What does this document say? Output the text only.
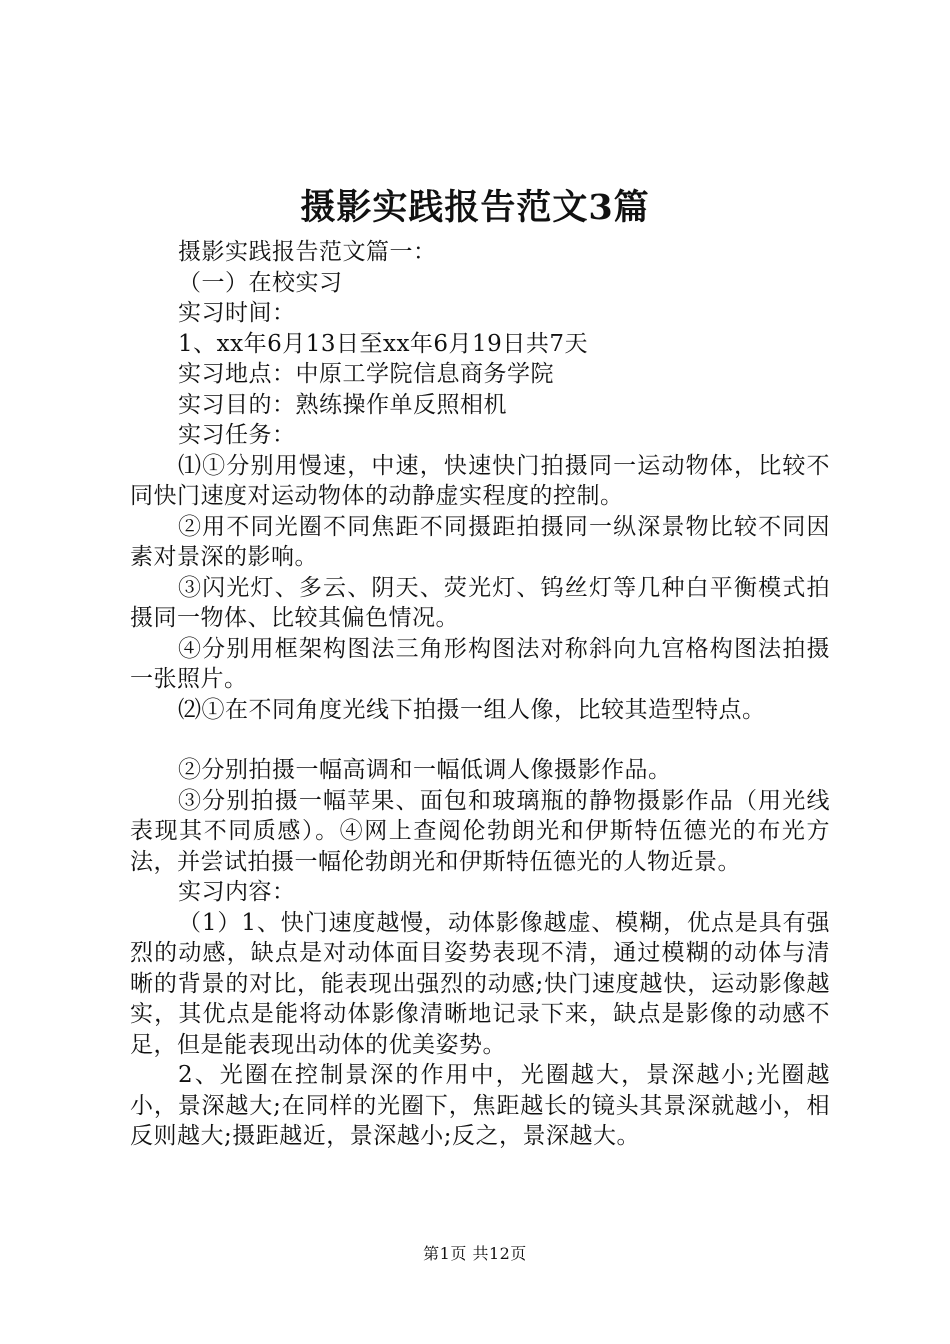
摄影实践报告范文3篇

摄影实践报告范文篇一：

（一）在校实习

实习时间：

1、xx年6月13日至xx年6月19日共7天

实习地点：中原工学院信息商务学院

实习目的：熟练操作单反照相机

实习任务：

⑴①分别用慢速，中速，快速快门拍摄同一运动物体，比较不同快门速度对运动物体的动静虚实程度的控制。

②用不同光圈不同焦距不同摄距拍摄同一纵深景物比较不同因素对景深的影响。

③闪光灯、多云、阴天、荧光灯、钨丝灯等几种白平衡模式拍摄同一物体、比较其偏色情况。

④分别用框架构图法三角形构图法对称斜向九宫格构图法拍摄一张照片。

⑵①在不同角度光线下拍摄一组人像，比较其造型特点。

②分别拍摄一幅高调和一幅低调人像摄影作品。

③分别拍摄一幅苹果、面包和玻璃瓶的静物摄影作品（用光线表现其不同质感）。④网上查阅伦勃朗光和伊斯特伍德光的布光方法，并尝试拍摄一幅伦勃朗光和伊斯特伍德光的人物近景。

实习内容：

（1）1、快门速度越慢，动体影像越虚、模糊，优点是具有强烈的动感，缺点是对动体面目姿势表现不清，通过模糊的动体与清晰的背景的对比，能表现出强烈的动感;快门速度越快，运动影像越实，其优点是能将动体影像清晰地记录下来，缺点是影像的动感不足，但是能表现出动体的优美姿势。

2、光圈在控制景深的作用中，光圈越大，景深越小;光圈越小，景深越大;在同样的光圈下，焦距越长的镜头其景深就越小，相反则越大;摄距越近，景深越小;反之，景深越大。

第1页 共12页
